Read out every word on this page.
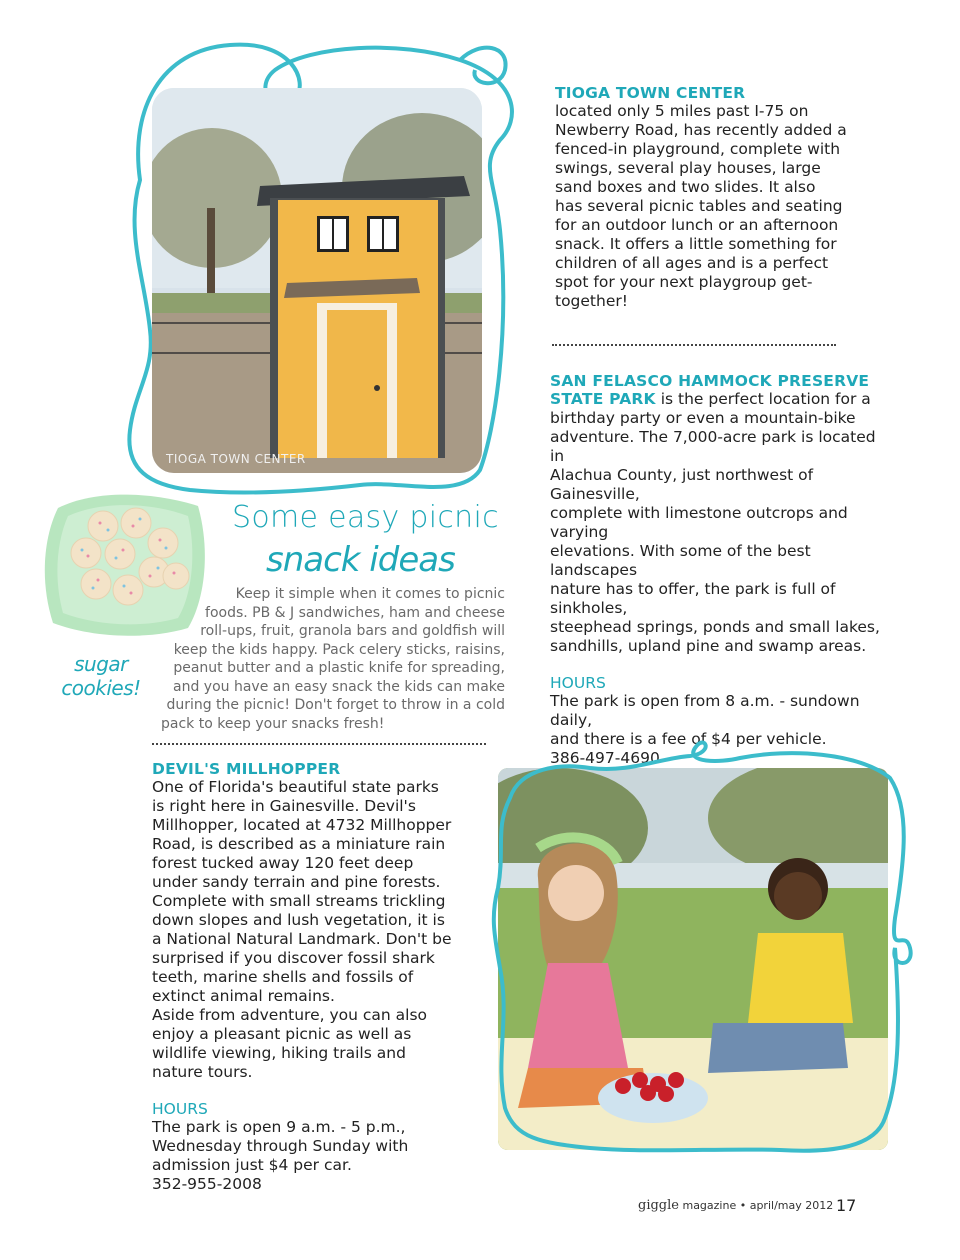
TIOGA TOWN CENTER
TIOGA TOWN CENTER
located only 5 miles past I-75 on
Newberry Road, has recently added a
fenced-in playground, complete with
swings, several play houses, large
sand boxes and two slides. It also
has several picnic tables and seating
for an outdoor lunch or an afternoon
snack. It offers a little something for
children of all ages and is a perfect
spot for your next playgroup get-
together!
SAN FELASCO HAMMOCK PRESERVE
STATE PARK is the perfect location for a
birthday party or even a mountain-bike
adventure. The 7,000-acre park is located in
Alachua County, just northwest of Gainesville,
complete with limestone outcrops and varying
elevations. With some of the best landscapes
nature has to offer, the park is full of sinkholes,
steephead springs, ponds and small lakes,
sandhills, upland pine and swamp areas.
HOURS
The park is open from 8 a.m. - sundown daily,
and there is a fee of $4 per vehicle.
386-497-4690
sugar
cookies!
Some easy picnic
snack ideas
Keep it simple when it comes to picnic
foods. PB & J sandwiches, ham and cheese
roll-ups, fruit, granola bars and goldfish will
keep the kids happy. Pack celery sticks, raisins,
peanut butter and a plastic knife for spreading,
and you have an easy snack the kids can make
during the picnic! Don't forget to throw in a cold
pack to keep your snacks fresh!
DEVIL'S MILLHOPPER
One of Florida's beautiful state parks
is right here in Gainesville. Devil's
Millhopper, located at 4732 Millhopper
Road, is described as a miniature rain
forest tucked away 120 feet deep
under sandy terrain and pine forests.
Complete with small streams trickling
down slopes and lush vegetation, it is
a National Natural Landmark. Don't be
surprised if you discover fossil shark
teeth, marine shells and fossils of
extinct animal remains.
Aside from adventure, you can also
enjoy a pleasant picnic as well as
wildlife viewing, hiking trails and
nature tours.
HOURS
The park is open 9 a.m. - 5 p.m.,
Wednesday through Sunday with
admission just $4 per car.
352-955-2008
giggle magazine • april/may 2012 17
